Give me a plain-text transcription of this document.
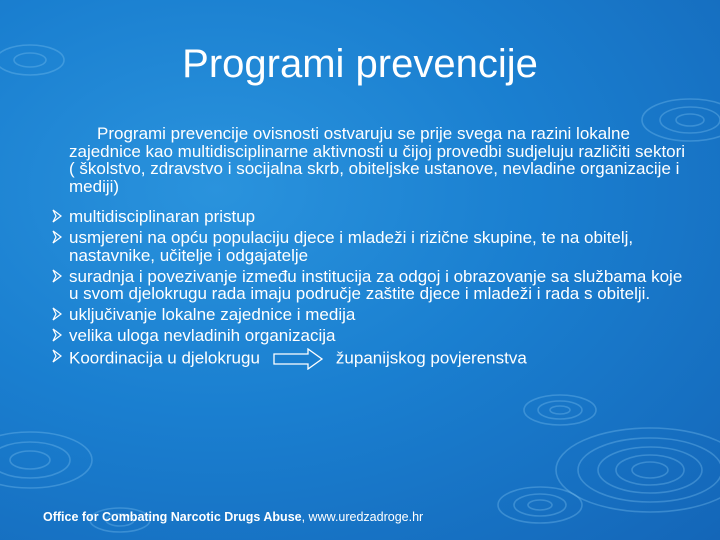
Programi prevencije

Programi prevencije ovisnosti ostvaruju se prije svega na razini lokalne zajednice kao multidisciplinarne aktivnosti u čijoj provedbi sudjeluju različiti sektori ( školstvo, zdravstvo i socijalna skrb, obiteljske ustanove, nevladine organizacije i mediji)

multidisciplinaran pristup
usmjereni na opću populaciju djece i mladeži i rizične skupine, te na obitelj, nastavnike, učitelje i odgajatelje
suradnja i povezivanje između institucija za odgoj i obrazovanje sa službama koje u svom djelokrugu rada imaju područje zaštite djece i mladeži i rada s obitelji.
uključivanje lokalne zajednice i medija
velika uloga nevladinih organizacija
Koordinacija u djelokrugu	županijskog povjerenstva
Office for Combating Narcotic Drugs Abuse, www.uredzadroge.hr
